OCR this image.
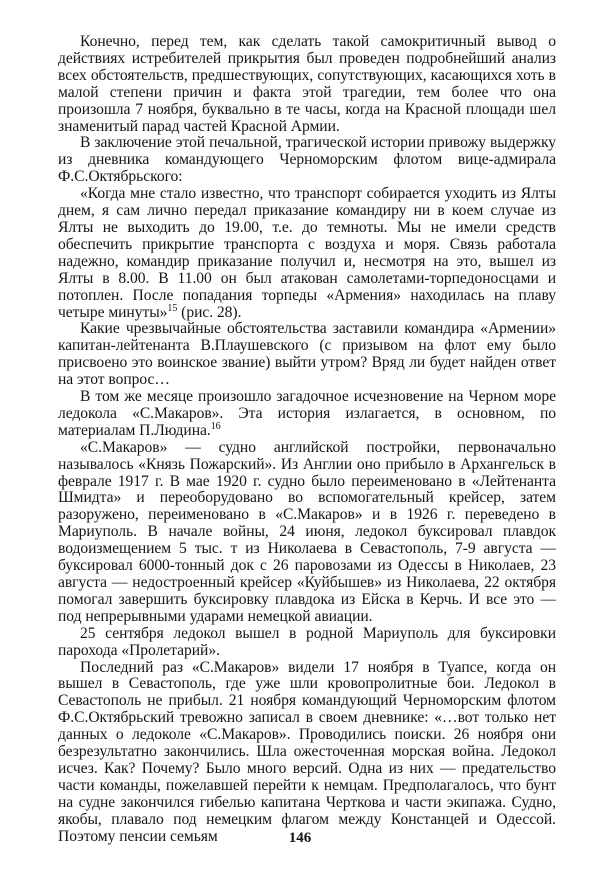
Конечно, перед тем, как сделать такой самокритичный вывод о действиях истребителей прикрытия был проведен подробнейший анализ всех обстоятельств, предшествующих, сопутствующих, касающихся хоть в малой степени причин и факта этой трагедии, тем более что она произошла 7 ноября, буквально в те часы, когда на Красной площади шел знаменитый парад частей Красной Армии.

В заключение этой печальной, трагической истории привожу выдержку из дневника командующего Черноморским флотом вице-адмирала Ф.С.Октябрьского:

«Когда мне стало известно, что транспорт собирается уходить из Ялты днем, я сам лично передал приказание командиру ни в коем случае из Ялты не выходить до 19.00, т.е. до темноты. Мы не имели средств обеспечить прикрытие транспорта с воздуха и моря. Связь работала надежно, командир приказание получил и, несмотря на это, вышел из Ялты в 8.00. В 11.00 он был атакован самолетами-торпедоносцами и потоплен. После попадания торпеды «Армения» находилась на плаву четыре минуты»$^{15}$ (рис. 28).

Какие чрезвычайные обстоятельства заставили командира «Армении» капитан-лейтенанта В.Плаушевского (с призывом на флот ему было присвоено это воинское звание) выйти утром? Вряд ли будет найден ответ на этот вопрос…

В том же месяце произошло загадочное исчезновение на Черном море ледокола «С.Макаров». Эта история излагается, в основном, по материалам П.Людина.$^{16}$

«С.Макаров» — судно английской постройки, первоначально называлось «Князь Пожарский». Из Англии оно прибыло в Архангельск в феврале 1917 г. В мае 1920 г. судно было переименовано в «Лейтенанта Шмидта» и переоборудовано во вспомогательный крейсер, затем разоружено, переименовано в «С.Макаров» и в 1926 г. переведено в Мариуполь. В начале войны, 24 июня, ледокол буксировал плавдок водоизмещением 5 тыс. т из Николаева в Севастополь, 7-9 августа — буксировал 6000-тонный док с 26 паровозами из Одессы в Николаев, 23 августа — недостроенный крейсер «Куйбышев» из Николаева, 22 октября помогал завершить буксировку плавдока из Ейска в Керчь. И все это — под непрерывными ударами немецкой авиации.

25 сентября ледокол вышел в родной Мариуполь для буксировки парохода «Пролетарий».

Последний раз «С.Макаров» видели 17 ноября в Туапсе, когда он вышел в Севастополь, где уже шли кровопролитные бои. Ледокол в Севастополь не прибыл. 21 ноября командующий Черноморским флотом Ф.С.Октябрьский тревожно записал в своем дневнике: «…вот только нет данных о ледоколе «С.Макаров». Проводились поиски. 26 ноября они безрезультатно закончились. Шла ожесточенная морская война. Ледокол исчез. Как? Почему? Было много версий. Одна из них — предательство части команды, пожелавшей перейти к немцам. Предполагалось, что бунт на судне закончился гибелью капитана Черткова и части экипажа. Судно, якобы, плавало под немецким флагом между Констанцей и Одессой. Поэтому пенсии семьям	146
